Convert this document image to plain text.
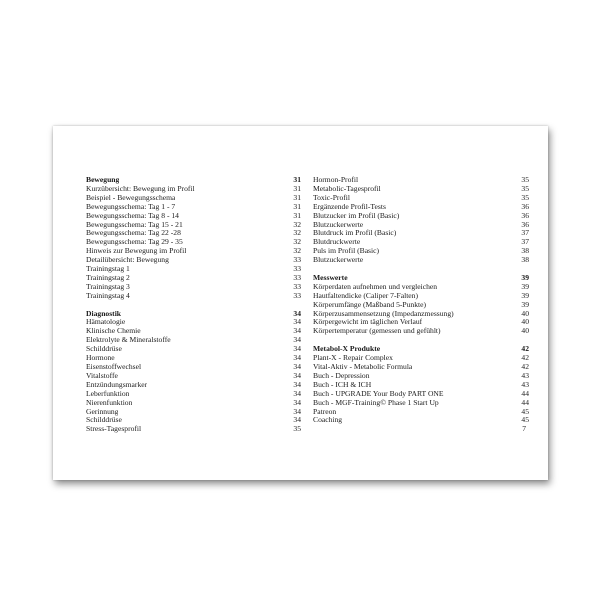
Bewegung	31
Kurzübersicht: Bewegung im Profil	31
Beispiel - Bewegungsschema	31
Bewegungsschema: Tag 1 - 7	31
Bewegungsschema: Tag 8 - 14	31
Bewegungsschema: Tag 15 - 21	32
Bewegungsschema: Tag 22 -28	32
Bewegungsschema: Tag 29 - 35	32
Hinweis zur Bewegung im Profil	32
Detailübersicht: Bewegung	33
Trainingstag 1	33
Trainingstag 2	33
Trainingstag 3	33
Trainingstag 4	33
Diagnostik	34
Hämatologie	34
Klinische Chemie	34
Elektrolyte & Mineralstoffe	34
Schilddrüse	34
Hormone	34
Eisenstoffwechsel	34
Vitalstoffe	34
Entzündungsmarker	34
Leberfunktion	34
Nierenfunktion	34
Gerinnung	34
Schilddrüse	34
Stress-Tagesprofil	35
Hormon-Profil	35
Metabolic-Tagesprofil	35
Toxic-Profil	35
Ergänzende Profil-Tests	36
Blutzucker im Profil (Basic)	36
Blutzuckerwerte	36
Blutdruck im Profil (Basic)	37
Blutdruckwerte	37
Puls im Profil (Basic)	38
Blutzuckerwerte	38
Messwerte	39
Körperdaten aufnehmen und vergleichen	39
Hautfaltendicke (Caliper 7-Falten)	39
Körperumfänge (Maßband 5-Punkte)	39
Körperzusammensetzung (Impedanzmessung)	40
Körpergewicht im täglichen Verlauf	40
Körpertemperatur (gemessen und gefühlt)	40
Metabol-X Produkte	42
Plant-X - Repair Complex	42
Vital-Aktiv - Metabolic Formula	42
Buch - Depression	43
Buch - ICH & ICH	43
Buch - UPGRADE Your Body PART ONE	44
Buch - MGF-Training© Phase 1 Start Up	44
Patreon	45
Coaching	45
7
